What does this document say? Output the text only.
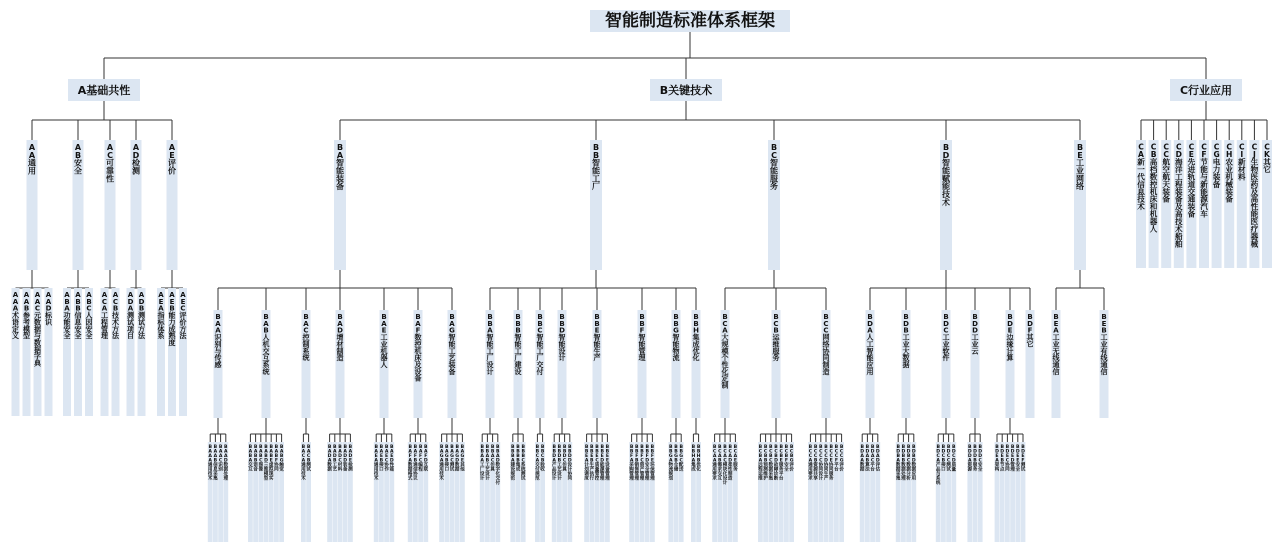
A基础共性	B关键技术	C行业应用
A A 通用
A A A 术语定义
A A B 参考模型
A A C 元数据与数据字典
A A D 标识
A B 安全
A B A 功能安全
A B B 信息安全
A B C 人因安全
A C 可靠性
A C A 工程管理
A C B 技术方法
A D 检测
A D A 测试项目
A D B 测试方法
A E 评价
A E A 指标体系
A E B 能力成熟度
A E C 评价方法
B A 智能装备
B A A 识别与传感
B A A A 通用技术
B A A B 信息采集
B A A C 识别
B A A D 数据处理
B A B 人机交互系统
B A B A 交互
B A B B 语音
B A B C 图像
B A B D 三维模型
B A B E 虚拟现实
B A B F 协同
B A B G 触觉
B A C 控制系统
B A C A 通用技术
B A C B 测试
B A D 增材制造
B A D A 数据
B A D B 工艺
B A D C 材料
B A D D 装备
B A D E 检测
B A E 工业机器人
B A E A 通用技术
B A E B 接口
B A E C 协作
B A E D 性能
B A F 数控机床及设备
B A F A 数据格式
B A F B 通信协议
B A F C 编程
B A F D 互联
B A G 智能工艺装备
B A G A 通用技术
B A G B 接口
B A G C 测试
B A G D 数据
B A G E 其他
B B 智能工厂
B B A 智能工厂设计
B B A A 工厂设计
B B A B 工艺设计
B B A C 仿真
B B A D 数字化交付
B B B 智能工厂建设
B B B A 建设规范
B B B B 集成
B B B C 系统测试
B B C 智能工厂交付
B B C A 交付规范
B B C B 验收
B B D 智能设计
B B D A 产品设计
B B D B 工艺设计
B B D C 仿真
B B D D 设计协同
B B E 智能生产
B B E A 计划调度
B B E B 生产执行
B B E C 质量管控
B B E D 能源管理
B B E E 设备管理
B B F 智能管理
B B F A 采购管理
B B F B 销售管理
B B F C 资产管理
B B F D 安全管理
B B F E 环保管理
B B G 智能物流
B B G A 物流规划
B B G B 仓储
B B G C 配送
B B H 集成优化
B B H A 集成
B B H B 优化
B C 智能服务
B C A 大规模个性化定制
B C A A 通用要求
B C A B 需求交互
B C A C 模块化设计
B C A D 柔性制造
B C A E 服务
B C B 运维服务
B C B A 远程运维
B C B B 预测维护
B C B C 数据采集
B C B D 故障诊断
B C B E 服务平台
B C B F 安全
B C B G 评价
B C C 网络协同制造
B C C A 通用要求
B C C B 资源共享
B C C C 协同设计
B C C D 协同生产
B C C E 协同服务
B C C F 平台
B C C G 评价
B D 智能赋能技术
B D A 人工智能应用
B D A A 数据
B D A B 算法
B D A C 平台
B D A D 评估
B D B 工业大数据
B D B A 数据采集
B D B B 数据处理
B D B C 数据分析
B D B D 数据应用
B D C 工业软件
B D C A 产品与系统
B D C B 接口
B D C C 测试
B D C D 质量
B D D 工业云
B D D A 资源
B D D B 服务
B D D C 安全
B D E 边缘计算
B D E A 架构
B D E B 节点
B D E C 协同
B D E D 管理
B D E E 安全
B D E F 测试
B D F 其它
B E 工业网络
B E A 工业无线通信
B E B 工业有线通信
C A 新一代信息技术
C B 高档数控机床和机器人
C C 航空航天装备
C D 海洋工程装备及高技术船舶
C E 先进轨道交通装备
C F 节能与新能源汽车
C G 电力装备
C H 农业机械装备
C I 新材料
C J 生物医药及高性能医疗器械
C K 其它
智能制造标准体系框架
